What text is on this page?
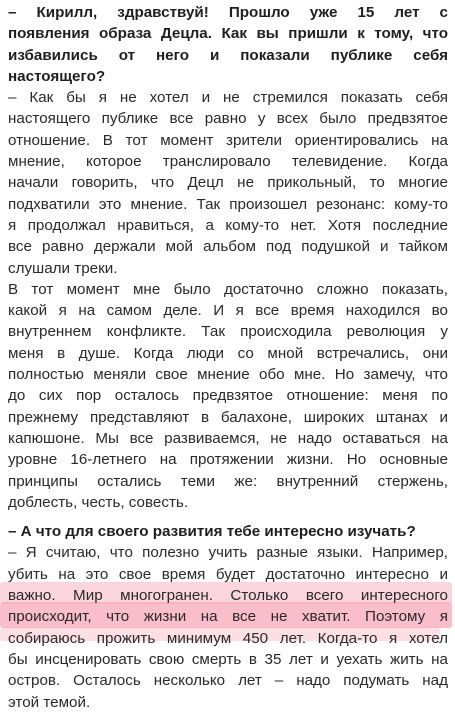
– Кирилл, здравствуй! Прошло уже 15 лет с
появления образа Децла. Как вы пришли к тому, что
избавились от него и показали публике себя
настоящего?
– Как бы я не хотел и не стремился показать себя
настоящего публике все равно у всех было предвзятое
отношение. В тот момент зрители ориентировались на
мнение, которое транслировало телевидение. Когда
начали говорить, что Децл не прикольный, то многие
подхватили это мнение. Так произошел резонанс: кому-то
я продолжал нравиться, а кому-то нет. Хотя последние
все равно держали мой альбом под подушкой и тайком
слушали треки.
В тот момент мне было достаточно сложно показать,
какой я на самом деле. И я все время находился во
внутреннем конфликте. Так происходила революция у
меня в душе. Когда люди со мной встречались, они
полностью меняли свое мнение обо мне. Но замечу, что
до сих пор осталось предвзятое отношение: меня по
прежнему представляют в балахоне, широких штанах и
капюшоне. Мы все развиваемся, не надо оставаться на
уровне 16-летнего на протяжении жизни. Но основные
принципы остались теми же: внутренний стержень,
доблесть, честь, совесть.
– А что для своего развития тебе интересно изучать?
– Я считаю, что полезно учить разные языки. Например,
убить на это свое время будет достаточно интересно и
важно. Мир многогранен. Столько всего интересного
происходит, что жизни на все не хватит. Поэтому я
собираюсь прожить минимум 450 лет. Когда-то я хотел
бы инсценировать свою смерть в 35 лет и уехать жить на
остров. Осталось несколько лет – надо подумать над
этой темой.
